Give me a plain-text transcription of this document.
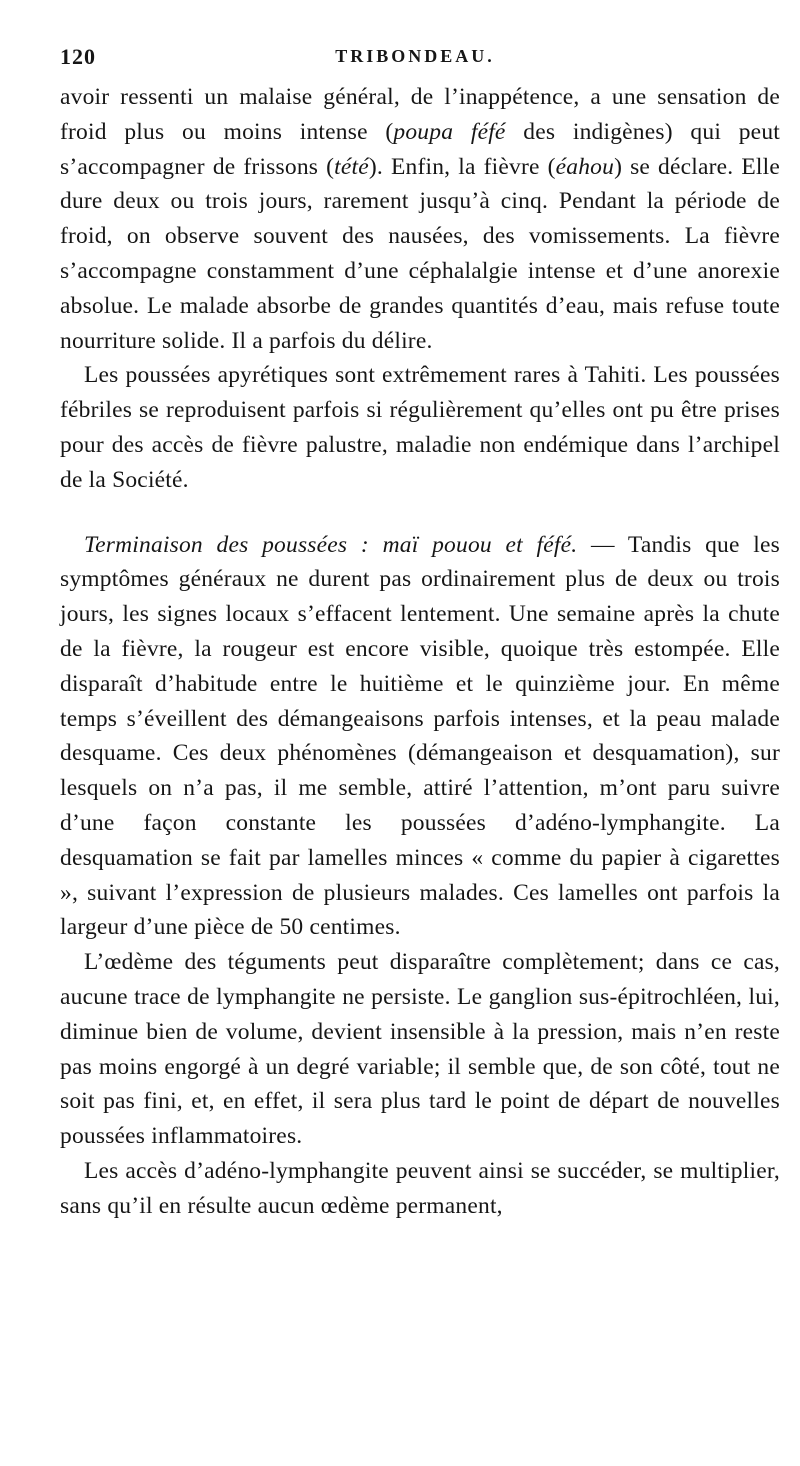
120	TRIBONDEAU.

avoir ressenti un malaise général, de l’inappétence, a une sensation de froid plus ou moins intense (poupa féfé des indigènes) qui peut s’accompagner de frissons (tété). Enfin, la fièvre (éahou) se déclare. Elle dure deux ou trois jours, rarement jusqu’à cinq. Pendant la période de froid, on observe souvent des nausées, des vomissements. La fièvre s’accompagne constamment d’une céphalalgie intense et d’une anorexie absolue. Le malade absorbe de grandes quantités d’eau, mais refuse toute nourriture solide. Il a parfois du délire.

Les poussées apyrétiques sont extrêmement rares à Tahiti. Les poussées fébriles se reproduisent parfois si régulièrement qu’elles ont pu être prises pour des accès de fièvre palustre, maladie non endémique dans l’archipel de la Société.

Terminaison des poussées : maï pouou et féfé. — Tandis que les symptômes généraux ne durent pas ordinairement plus de deux ou trois jours, les signes locaux s’effacent lentement. Une semaine après la chute de la fièvre, la rougeur est encore visible, quoique très estompée. Elle disparaît d’habitude entre le huitième et le quinzième jour. En même temps s’éveillent des démangeaisons parfois intenses, et la peau malade desquame. Ces deux phénomènes (démangeaison et desquamation), sur lesquels on n’a pas, il me semble, attiré l’attention, m’ont paru suivre d’une façon constante les poussées d’adéno-lymphangite. La desquamation se fait par lamelles minces « comme du papier à cigarettes », suivant l’expression de plusieurs malades. Ces lamelles ont parfois la largeur d’une pièce de 50 centimes.

L’œdème des téguments peut disparaître complètement; dans ce cas, aucune trace de lymphangite ne persiste. Le ganglion sus-épitrochléen, lui, diminue bien de volume, devient insensible à la pression, mais n’en reste pas moins engorgé à un degré variable; il semble que, de son côté, tout ne soit pas fini, et, en effet, il sera plus tard le point de départ de nouvelles poussées inflammatoires.

Les accès d’adéno-lymphangite peuvent ainsi se succéder, se multiplier, sans qu’il en résulte aucun œdème permanent,
